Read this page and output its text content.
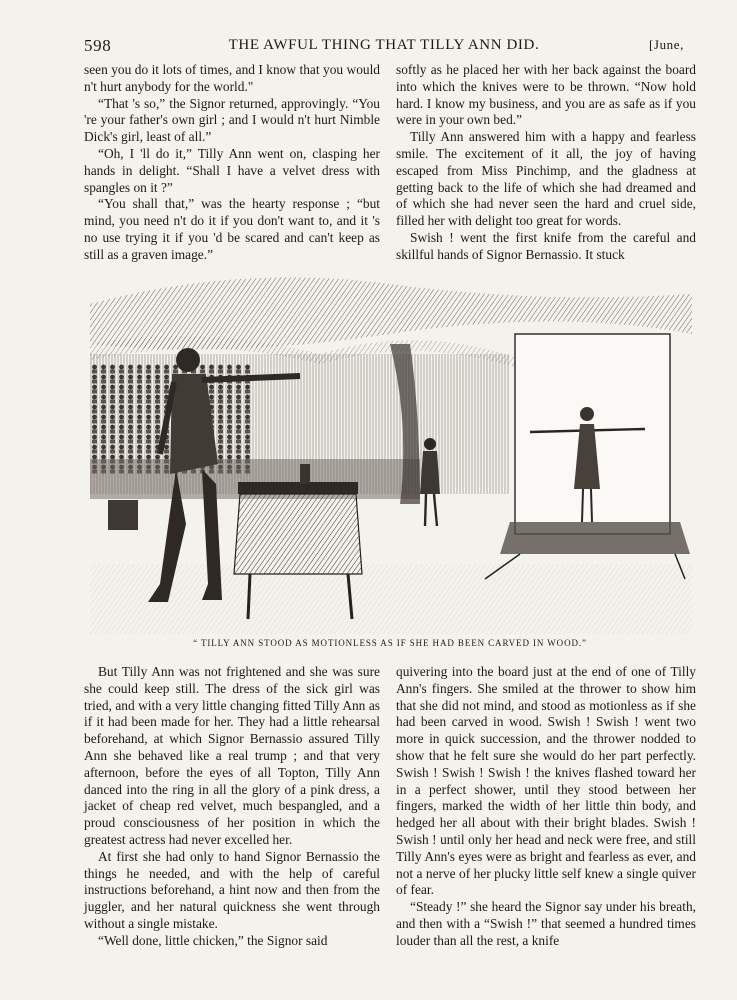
598	THE AWFUL THING THAT TILLY ANN DID.	[June,

seen you do it lots of times, and I know that you would n't hurt anybody for the world."

“That 's so,” the Signor returned, approvingly. “You 're your father's own girl ; and I would n't hurt Nimble Dick's girl, least of all.”

“Oh, I 'll do it,” Tilly Ann went on, clasping her hands in delight. “Shall I have a velvet dress with spangles on it ?”

“You shall that,” was the hearty response ; “but mind, you need n't do it if you don't want to, and it 's no use trying it if you 'd be scared and can't keep as still as a graven image.”

softly as he placed her with her back against the board into which the knives were to be thrown. “Now hold hard. I know my business, and you are as safe as if you were in your own bed.”

Tilly Ann answered him with a happy and fearless smile. The excitement of it all, the joy of having escaped from Miss Pinchimp, and the gladness at getting back to the life of which she had dreamed and of which she had never seen the hard and cruel side, filled her with delight too great for words.

Swish ! went the first knife from the careful and skillful hands of Signor Bernassio. It stuck

“ TILLY ANN STOOD AS MOTIONLESS AS IF SHE HAD BEEN CARVED IN WOOD.”

But Tilly Ann was not frightened and she was sure she could keep still. The dress of the sick girl was tried, and with a very little changing fitted Tilly Ann as if it had been made for her. They had a little rehearsal beforehand, at which Signor Bernassio assured Tilly Ann she behaved like a real trump ; and that very afternoon, before the eyes of all Topton, Tilly Ann danced into the ring in all the glory of a pink dress, a jacket of cheap red velvet, much bespangled, and a proud consciousness of her position in which the greatest actress had never excelled her.

At first she had only to hand Signor Bernassio the things he needed, and with the help of careful instructions beforehand, a hint now and then from the juggler, and her natural quickness she went through without a single mistake.

“Well done, little chicken,” the Signor said

quivering into the board just at the end of one of Tilly Ann's fingers. She smiled at the thrower to show him that she did not mind, and stood as motionless as if she had been carved in wood. Swish ! Swish ! went two more in quick succession, and the thrower nodded to show that he felt sure she would do her part perfectly. Swish ! Swish ! Swish ! the knives flashed toward her in a perfect shower, until they stood between her fingers, marked the width of her little thin body, and hedged her all about with their bright blades. Swish ! Swish ! until only her head and neck were free, and still Tilly Ann's eyes were as bright and fearless as ever, and not a nerve of her plucky little self knew a single quiver of fear.

“Steady !” she heard the Signor say under his breath, and then with a “Swish !” that seemed a hundred times louder than all the rest, a knife
